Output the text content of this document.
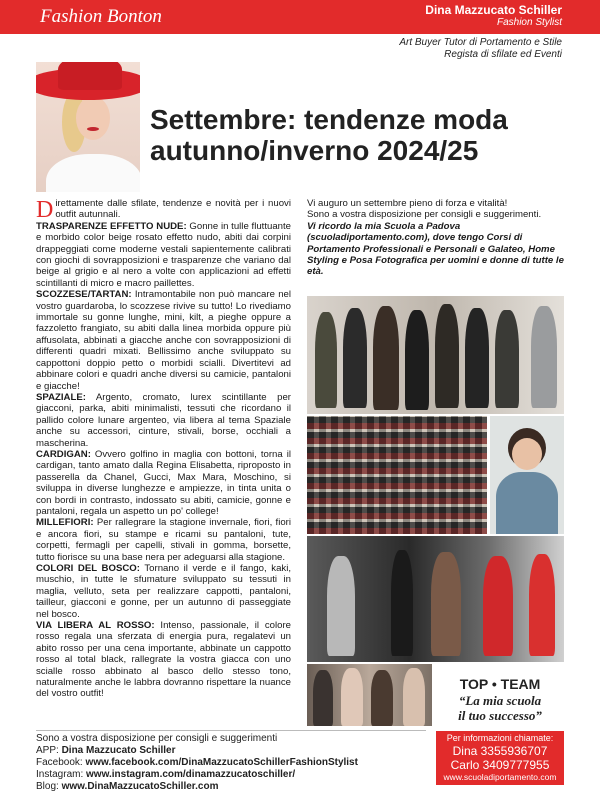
Fashion Bonton	Dina Mazzucato Schiller
Fashion Stylist
Art Buyer Tutor di Portamento e Stile
Regista di sfilate ed Eventi
Settembre: tendenze moda
autunno/inverno 2024/25

Direttamente dalle sfilate, tendenze e novità per i nuovi outfit autunnali.

TRASPARENZE EFFETTO NUDE: Gonne in tulle fluttuante e morbido color beige rosato effetto nudo, abiti dai corpini drappeggiati come moderne vestali sapientemente calibrati con giochi di sovrapposizioni e trasparenze che variano dal beige al grigio e al nero a volte con applicazioni ad effetti scintillanti di micro e macro paillettes.

SCOZZESE/TARTAN: Intramontabile non può mancare nel vostro guardaroba, lo scozzese rivive su tutto! Lo rivediamo immortale su gonne lunghe, mini, kilt, a pieghe oppure a fazzoletto frangiato, su abiti dalla linea morbida oppure più affusolata, abbinati a giacche anche con sovrapposizioni di differenti quadri mixati. Bellissimo anche sviluppato su cappottoni doppio petto o morbidi scialli. Divertitevi ad abbinare colori e quadri anche diversi su camicie, pantaloni e giacche!

SPAZIALE: Argento, cromato, lurex scintillante per giacconi, parka, abiti minimalisti, tessuti che ricordano il pallido colore lunare argenteo, via libera al tema Spaziale anche su accessori, cinture, stivali, borse, occhiali a mascherina.

CARDIGAN: Ovvero golfino in maglia con bottoni, torna il cardigan, tanto amato dalla Regina Elisabetta, riproposto in passerella da Chanel, Gucci, Max Mara, Moschino, si sviluppa in diverse lunghezze e ampiezze, in tinta unita o con bordi in contrasto, indossato su abiti, camicie, gonne e pantaloni, regala un aspetto un po' college!

MILLEFIORI: Per rallegrare la stagione invernale, fiori, fiori e ancora fiori, su stampe e ricami su pantaloni, tute, corpetti, fermagli per capelli, stivali in gomma, borsette, tutto fiorisce su una base nera per adeguarsi alla stagione.

COLORI DEL BOSCO: Tornano il verde e il fango, kaki, muschio, in tutte le sfumature sviluppato su tessuti in maglia, velluto, seta per realizzare cappotti, pantaloni, tailleur, giacconi e gonne, per un autunno di passeggiate nel bosco.

VIA LIBERA AL ROSSO: Intenso, passionale, il colore rosso regala una sferzata di energia pura, regalatevi un abito rosso per una cena importante, abbinate un cappotto rosso al total black, rallegrate la vostra giacca con uno scialle rosso abbinato al basco dello stesso tono, naturalmente anche le labbra dovranno rispettare la nuance del vostro outfit!

Vi auguro un settembre pieno di forza e vitalità!

Sono a vostra disposizione per consigli e suggerimenti.

Vi ricordo la mia Scuola a Padova (scuoladiportamento.com), dove tengo Corsi di Portamento Professionali e Personali e Galateo, Home Styling e Posa Fotografica per uomini e donne di tutte le età.

TOP • TEAM
“La mia scuola
il tuo successo”
Per informazioni chiamate:
Dina 3355936707
Carlo 3409777955
www.scuoladiportamento.com
Sono a vostra disposizione per consigli e suggerimenti
APP: Dina Mazzucato Schiller
Facebook: www.facebook.com/DinaMazzucatoSchillerFashionStylist
Instagram: www.instagram.com/dinamazzucatoschiller/
Blog: www.DinaMazzucatoSchiller.com
